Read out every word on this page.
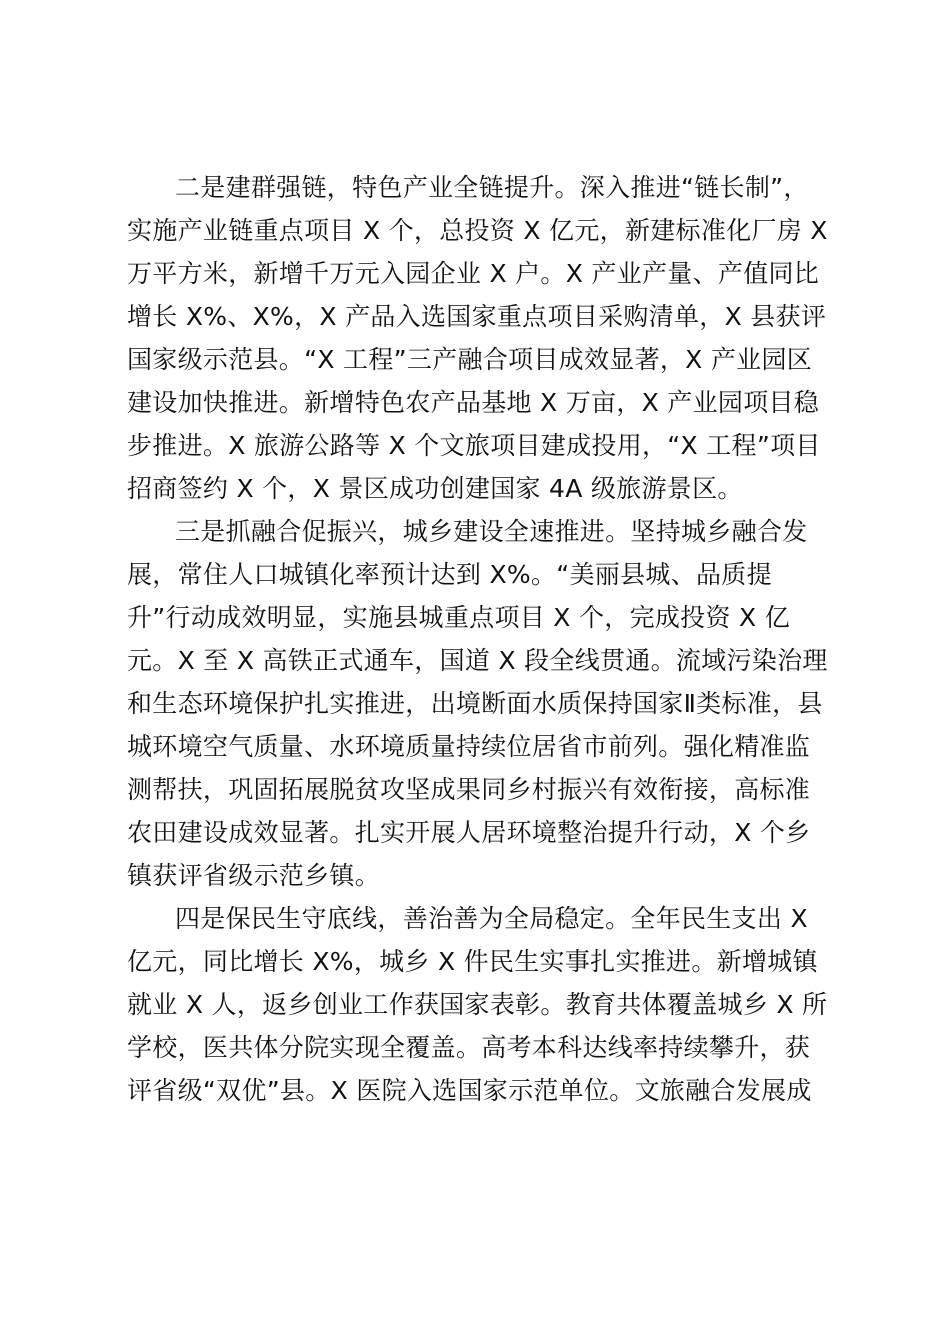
二是建群强链，特色产业全链提升。深入推进“链长制”，
实施产业链重点项目 X 个，总投资 X 亿元，新建标准化厂房 X
万平方米，新增千万元入园企业 X 户。X 产业产量、产值同比
增长 X%、X%，X 产品入选国家重点项目采购清单，X 县获评
国家级示范县。“X 工程”三产融合项目成效显著，X 产业园区
建设加快推进。新增特色农产品基地 X 万亩，X 产业园项目稳
步推进。X 旅游公路等 X 个文旅项目建成投用，“X 工程”项目
招商签约 X 个，X 景区成功创建国家 4A 级旅游景区。
三是抓融合促振兴，城乡建设全速推进。坚持城乡融合发
展，常住人口城镇化率预计达到 X%。“美丽县城、品质提
升”行动成效明显，实施县城重点项目 X 个，完成投资 X 亿
元。X 至 X 高铁正式通车，国道 X 段全线贯通。流域污染治理
和生态环境保护扎实推进，出境断面水质保持国家Ⅱ类标准，县
城环境空气质量、水环境质量持续位居省市前列。强化精准监
测帮扶，巩固拓展脱贫攻坚成果同乡村振兴有效衔接，高标准
农田建设成效显著。扎实开展人居环境整治提升行动，X 个乡
镇获评省级示范乡镇。
四是保民生守底线，善治善为全局稳定。全年民生支出 X
亿元，同比增长 X%，城乡 X 件民生实事扎实推进。新增城镇
就业 X 人，返乡创业工作获国家表彰。教育共体覆盖城乡 X 所
学校，医共体分院实现全覆盖。高考本科达线率持续攀升，获
评省级“双优”县。X 医院入选国家示范单位。文旅融合发展成
